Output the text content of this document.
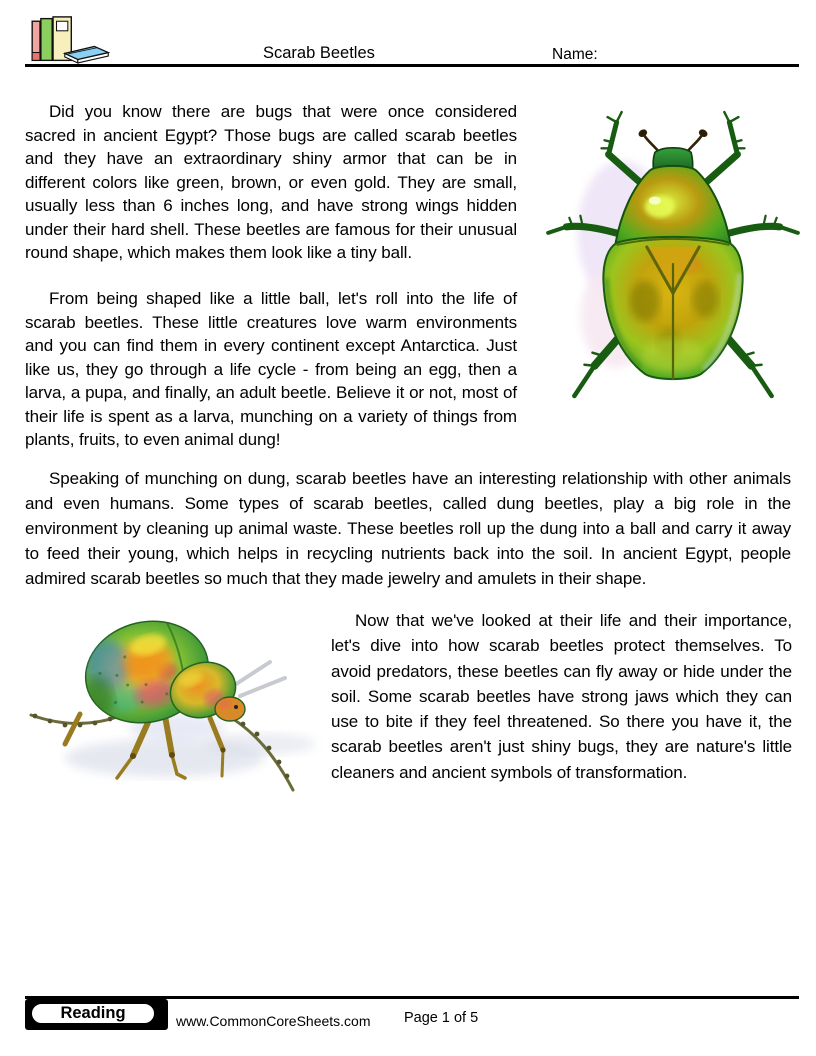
Scarab Beetles	Name:

Did you know there are bugs that were once considered sacred in ancient Egypt? Those bugs are called scarab beetles and they have an extraordinary shiny armor that can be in different colors like green, brown, or even gold. They are small, usually less than 6 inches long, and have strong wings hidden under their hard shell. These beetles are famous for their unusual round shape, which makes them look like a tiny ball.

From being shaped like a little ball, let's roll into the life of scarab beetles. These little creatures love warm environments and you can find them in every continent except Antarctica. Just like us, they go through a life cycle - from being an egg, then a larva, a pupa, and finally, an adult beetle. Believe it or not, most of their life is spent as a larva, munching on a variety of things from plants, fruits, to even animal dung!

Speaking of munching on dung, scarab beetles have an interesting relationship with other animals and even humans. Some types of scarab beetles, called dung beetles, play a big role in the environment by cleaning up animal waste. These beetles roll up the dung into a ball and carry it away to feed their young, which helps in recycling nutrients back into the soil. In ancient Egypt, people admired scarab beetles so much that they made jewelry and amulets in their shape.

Now that we've looked at their life and their importance, let's dive into how scarab beetles protect themselves. To avoid predators, these beetles can fly away or hide under the soil. Some scarab beetles have strong jaws which they can use to bite if they feel threatened. So there you have it, the scarab beetles aren't just shiny bugs, they are nature's little cleaners and ancient symbols of transformation.

Reading	www.CommonCoreSheets.com Page 1 of 5
